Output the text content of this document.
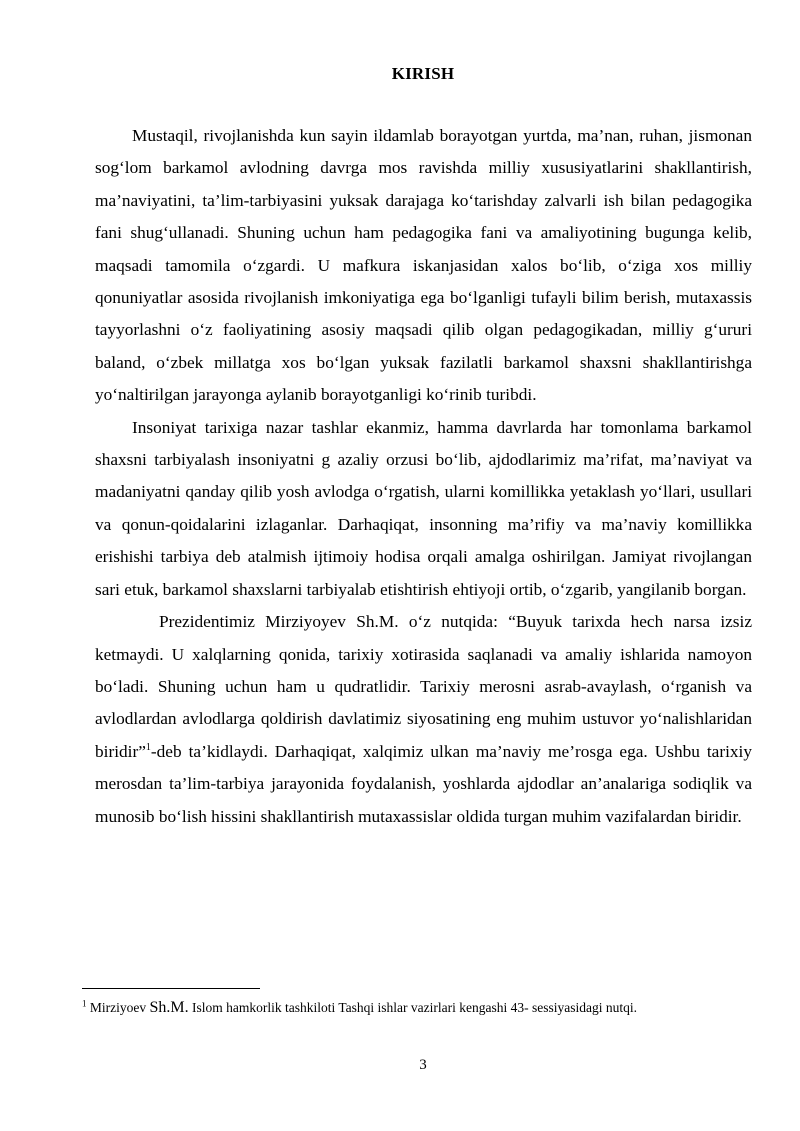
KIRISH

Mustaqil, rivojlanishda kun sayin ildamlab borayotgan yurtda, ma’nan, ruhan, jismonan sog‘lom barkamol avlodning davrga mos ravishda milliy xususiyatlarini shakllantirish, ma’naviyatini, ta’lim-tarbiyasini yuksak darajaga ko‘tarishday zalvarli ish bilan pedagogika fani shug‘ullanadi. Shuning uchun ham pedagogika fani va amaliyotining bugunga kelib, maqsadi tamomila o‘zgardi. U mafkura iskanjasidan xalos bo‘lib, o‘ziga xos milliy qonuniyatlar asosida rivojlanish imkoniyatiga ega bo‘lganligi tufayli bilim berish, mutaxassis tayyorlashni o‘z faoliyatining asosiy maqsadi qilib olgan pedagogikadan, milliy g‘ururi baland, o‘zbek millatga xos bo‘lgan yuksak fazilatli barkamol shaxsni shakllantirishga yo‘naltirilgan jarayonga aylanib borayotganligi ko‘rinib turibdi.

Insoniyat tarixiga nazar tashlar ekanmiz, hamma davrlarda har tomonlama barkamol shaxsni tarbiyalash insoniyatni g azaliy orzusi bo‘lib, ajdodlarimiz ma’rifat, ma’naviyat va madaniyatni qanday qilib yosh avlodga o‘rgatish, ularni komillikka yetaklash yo‘llari, usullari va qonun-qoidalarini izlaganlar. Darhaqiqat, insonning ma’rifiy va ma’naviy komillikka erishishi tarbiya deb atalmish ijtimoiy hodisa orqali amalga oshirilgan. Jamiyat rivojlangan sari etuk, barkamol shaxslarni tarbiyalab etishtirish ehtiyoji ortib, o‘zgarib, yangilanib borgan.

Prezidentimiz Mirziyoyev Sh.M. o‘z nutqida: “Buyuk tarixda hech narsa izsiz ketmaydi. U xalqlarning qonida, tarixiy xotirasida saqlanadi va amaliy ishlarida namoyon bo‘ladi. Shuning uchun ham u qudratlidir. Tarixiy merosni asrab-avaylash, o‘rganish va avlodlardan avlodlarga qoldirish davlatimiz siyosatining eng muhim ustuvor yo‘nalishlaridan biridir”$^1$-deb ta’kidlaydi. Darhaqiqat, xalqimiz ulkan ma’naviy me’rosga ega. Ushbu tarixiy merosdan ta’lim-tarbiya jarayonida foydalanish, yoshlarda ajdodlar an’analariga sodiqlik va munosib bo‘lish hissini shakllantirish mutaxassislar oldida turgan muhim vazifalardan biridir.

$^1$ Mirziyoev Sh.M. Islom hamkorlik tashkiloti Tashqi ishlar vazirlari kengashi 43- sessiyasidagi nutqi.
3
